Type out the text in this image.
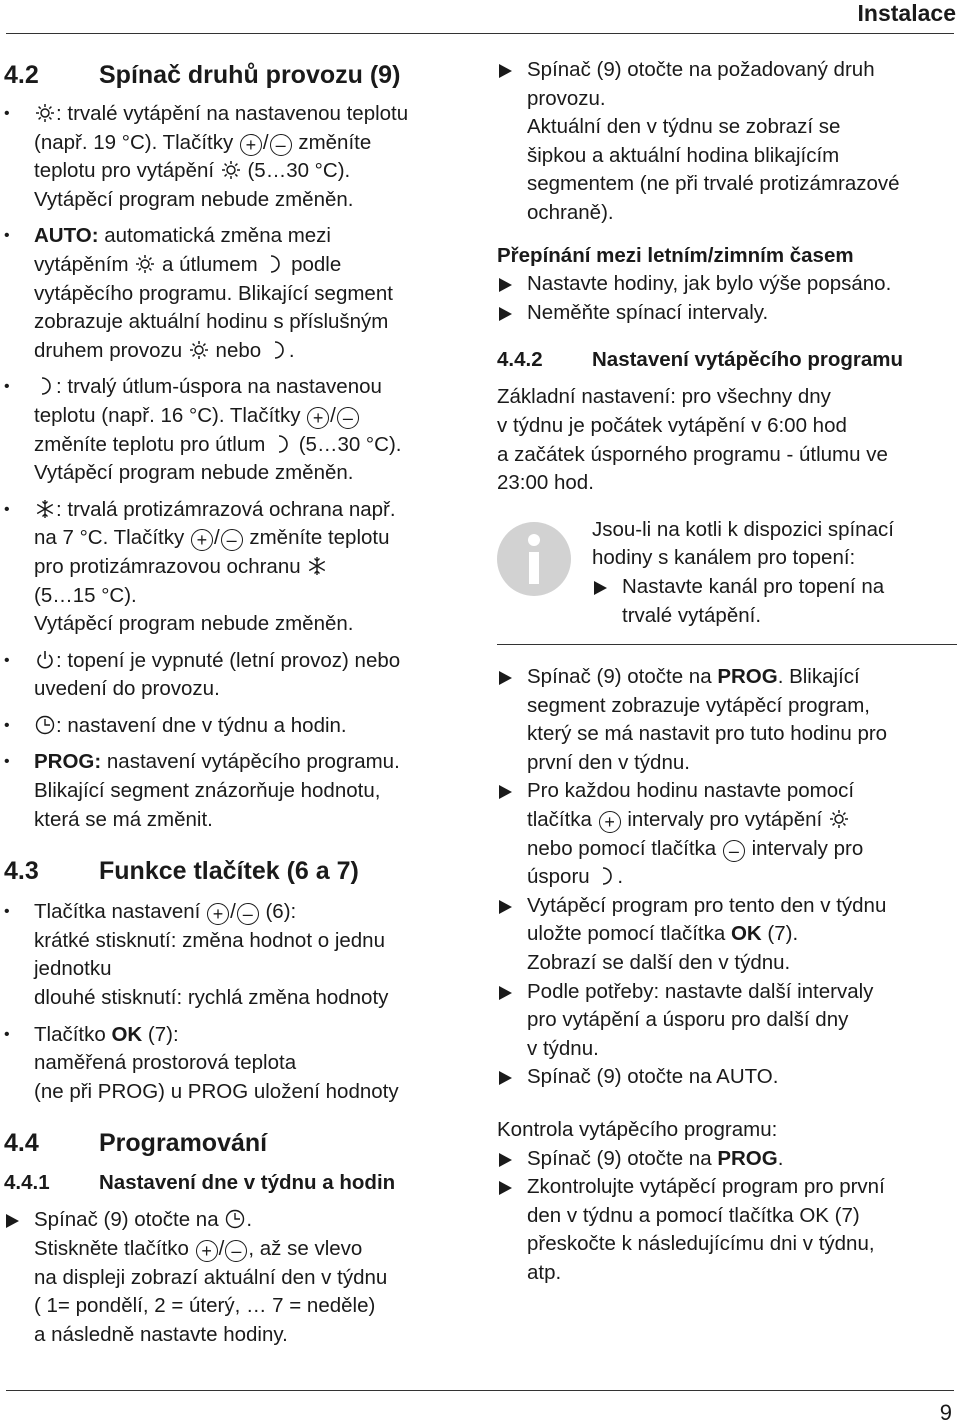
Instalace
4.2 Spínač druhů provozu (9)
• : trvalé vytápění na nastavenou teplotu
(např. 19 °C). Tlačítky + / – změníte
teplotu pro vytápění
(5…30 °C).
Vytápěcí program nebude změněn.
• AUTO: automatická změna mezi
vytápěním
a útlumem
podle
vytápěcího programu. Blikající segment
zobrazuje aktuální hodinu s příslušným
druhem provozu
nebo
.
• : trvalý útlum-úspora na nastavenou
teplotu (např. 16 °C). Tlačítky + / –
změníte teplotu pro útlum
(5…30 °C).
Vytápěcí program nebude změněn.
• : trvalá protizámrazová ochrana např.
na 7 °C. Tlačítky + / – změníte teplotu
pro protizámrazovou ochranu
(5…15 °C).
Vytápěcí program nebude změněn.
• : topení je vypnuté (letní provoz) nebo
uvedení do provozu.
• : nastavení dne v týdnu a hodin.
• PROG: nastavení vytápěcího programu.
Blikající segment znázorňuje hodnotu,
která se má změnit.
4.3 Funkce tlačítek (6 a 7)
• Tlačítka nastavení + / – (6):
krátké stisknutí: změna hodnot o jednu
jednotku
dlouhé stisknutí: rychlá změna hodnoty
• Tlačítko OK (7):
naměřená prostorová teplota
(ne při PROG) u PROG uložení hodnoty
4.4 Programování
4.4.1 Nastavení dne v týdnu a hodin
Spínač (9) otočte na
.
Stiskněte tlačítko + / – , až se vlevo
na displeji zobrazí aktuální den v týdnu
( 1= pondělí, 2 = úterý, … 7 = neděle)
a následně nastavte hodiny.
Spínač (9) otočte na požadovaný druh
provozu.
Aktuální den v týdnu se zobrazí se
šipkou a aktuální hodina blikajícím
segmentem (ne při trvalé protizámrazové
ochraně).
Přepínání mezi letním/zimním časem
Nastavte hodiny, jak bylo výše popsáno.
Neměňte spínací intervaly.
4.4.2 Nastavení vytápěcího programu
Základní nastavení: pro všechny dny
v týdnu je počátek vytápění v 6:00 hod
a začátek úsporného programu - útlumu ve
23:00 hod.
Jsou-li na kotli k dispozici spínací
hodiny s kanálem pro topení:
Nastavte kanál pro topení na
trvalé vytápění.
Spínač (9) otočte na PROG. Blikající
segment zobrazuje vytápěcí program,
který se má nastavit pro tuto hodinu pro
první den v týdnu.
Pro každou hodinu nastavte pomocí
tlačítka + intervaly pro vytápění
nebo pomocí tlačítka – intervaly pro
úsporu
.
Vytápěcí program pro tento den v týdnu
uložte pomocí tlačítka OK (7).
Zobrazí se další den v týdnu.
Podle potřeby: nastavte další intervaly
pro vytápění a úsporu pro další dny
v týdnu.
Spínač (9) otočte na AUTO.
Kontrola vytápěcího programu:
Spínač (9) otočte na PROG.
Zkontrolujte vytápěcí program pro první
den v týdnu a pomocí tlačítka OK (7)
přeskočte k následujícímu dni v týdnu,
atp.
9
